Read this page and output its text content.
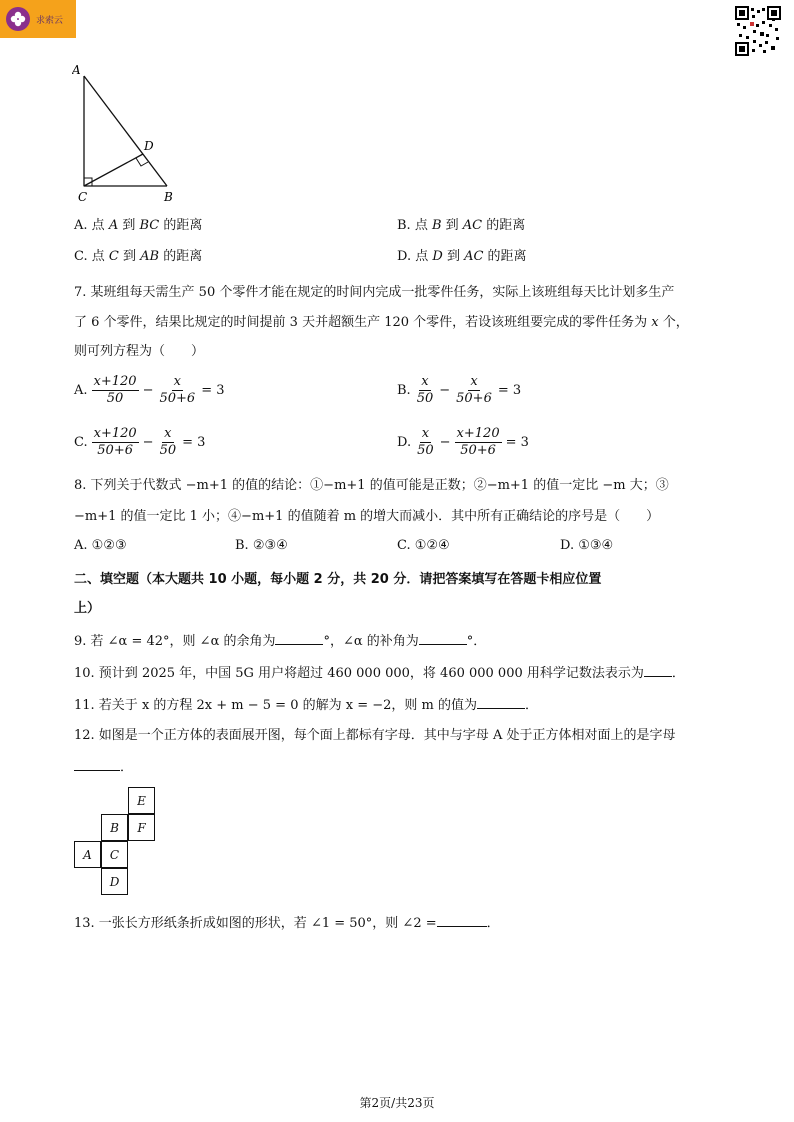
求索云
A
D
C	B
A. 点 A 到 BC 的距离	B. 点 B 到 AC 的距离
C. 点 C 到 AB 的距离	D. 点 D 到 AC 的距离
7. 某班组每天需生产 50 个零件才能在规定的时间内完成一批零件任务，实际上该班组每天比计划多生产
了 6 个零件，结果比规定的时间提前 3 天并超额生产 120 个零件，若设该班组要完成的零件任务为 x 个，
则可列方程为（　　）
A. $\frac{x+120}{50} - \frac{x}{50+6} = 3$	B. $\frac{x}{50} - \frac{x}{50+6} = 3$
C. $\frac{x+120}{50+6} - \frac{x}{50} = 3$	D. $\frac{x}{50} - \frac{x+120}{50+6} = 3$
8. 下列关于代数式 −m+1 的值的结论：①−m+1 的值可能是正数；②−m+1 的值一定比 −m 大；③
−m+1 的值一定比 1 小；④−m+1 的值随着 m 的增大而减小．其中所有正确结论的序号是（　　）
A. ①②③	B. ②③④	C. ①②④	D. ①③④
二、填空题（本大题共 10 小题，每小题 2 分，共 20 分．请把答案填写在答题卡相应位置
上）
9. 若 ∠α = 42°，则 ∠α 的余角为	°，∠α 的补角为	°．
10. 预计到 2025 年，中国 5G 用户将超过 460 000 000，将 460 000 000 用科学记数法表示为 ．
11. 若关于 x 的方程 2x + m − 5 = 0 的解为 x = −2，则 m 的值为	．
12. 如图是一个正方体的表面展开图，每个面上都标有字母．其中与字母 A 处于正方体相对面上的是字母
．
E
B	F
A	C
D
13. 一张长方形纸条折成如图的形状，若 ∠1 = 50°，则 ∠2 =	．
第2页/共23页
